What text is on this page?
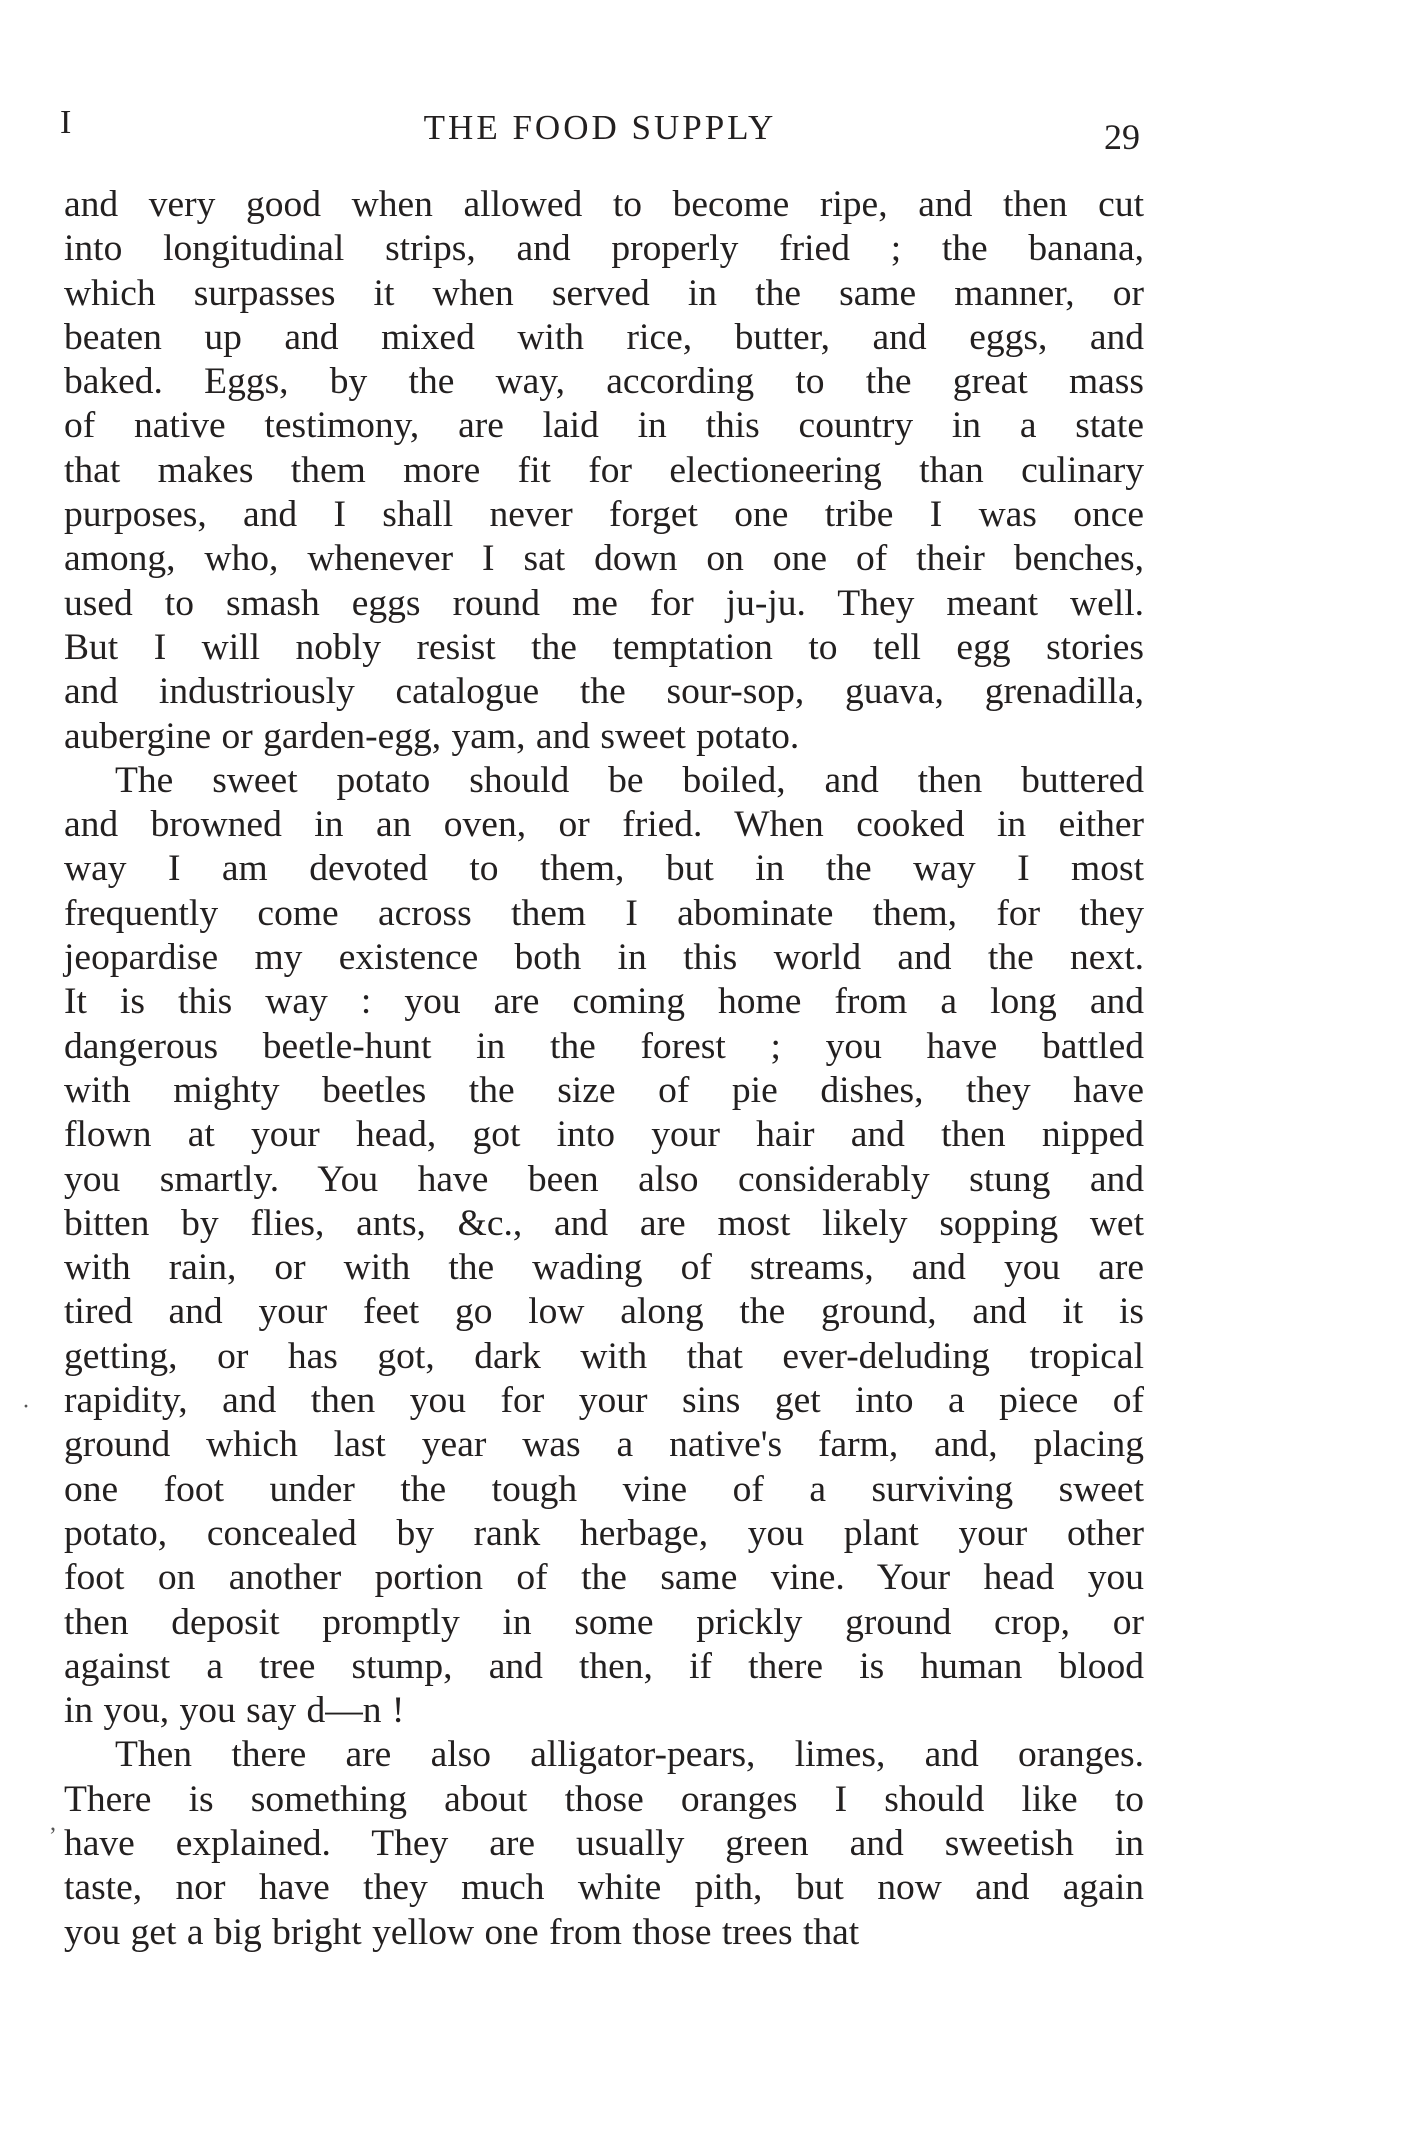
I	THE FOOD SUPPLY	29
·
,

and very good when allowed to become ripe, and then cut
into longitudinal strips, and properly fried ; the banana,
which surpasses it when served in the same manner, or
beaten up and mixed with rice, butter, and eggs, and
baked. Eggs, by the way, according to the great mass
of native testimony, are laid in this country in a state
that makes them more fit for electioneering than culinary
purposes, and I shall never forget one tribe I was once
among, who, whenever I sat down on one of their benches,
used to smash eggs round me for ju-ju. They meant well.
But I will nobly resist the temptation to tell egg stories
and industriously catalogue the sour-sop, guava, grenadilla,
aubergine or garden-egg, yam, and sweet potato.

The sweet potato should be boiled, and then buttered
and browned in an oven, or fried. When cooked in either
way I am devoted to them, but in the way I most
frequently come across them I abominate them, for they
jeopardise my existence both in this world and the next.
It is this way : you are coming home from a long and
dangerous beetle-hunt in the forest ; you have battled
with mighty beetles the size of pie dishes, they have
flown at your head, got into your hair and then nipped
you smartly. You have been also considerably stung and
bitten by flies, ants, &c., and are most likely sopping wet
with rain, or with the wading of streams, and you are
tired and your feet go low along the ground, and it is
getting, or has got, dark with that ever-deluding tropical
rapidity, and then you for your sins get into a piece of
ground which last year was a native's farm, and, placing
one foot under the tough vine of a surviving sweet
potato, concealed by rank herbage, you plant your other
foot on another portion of the same vine. Your head you
then deposit promptly in some prickly ground crop, or
against a tree stump, and then, if there is human blood
in you, you say d—n !

Then there are also alligator-pears, limes, and oranges.
There is something about those oranges I should like to
have explained. They are usually green and sweetish in
taste, nor have they much white pith, but now and again
you get a big bright yellow one from those trees that
